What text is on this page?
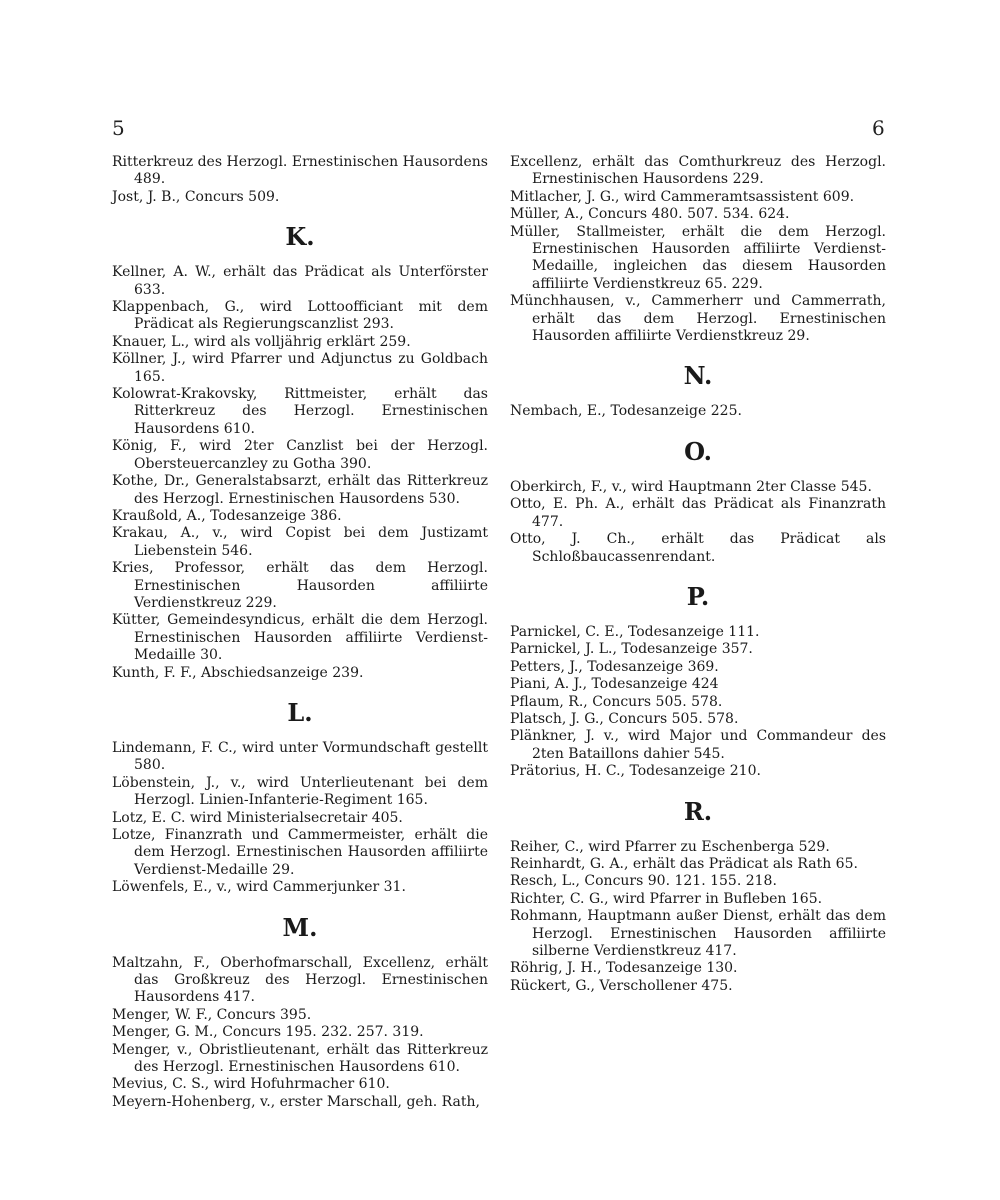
5	6
Ritterkreuz des Herzogl. Ernestinischen Hausordens 489.
Jost, J. B., Concurs 509.
K.
Kellner, A. W., erhält das Prädicat als Unterförster 633.
Klappenbach, G., wird Lottoofficiant mit dem Prädicat als Regierungscanzlist 293.
Knauer, L., wird als volljährig erklärt 259.
Köllner, J., wird Pfarrer und Adjunctus zu Goldbach 165.
Kolowrat-Krakovsky, Rittmeister, erhält das Ritterkreuz des Herzogl. Ernestinischen Hausordens 610.
König, F., wird 2ter Canzlist bei der Herzogl. Obersteuercanzley zu Gotha 390.
Kothe, Dr., Generalstabsarzt, erhält das Ritterkreuz des Herzogl. Ernestinischen Hausordens 530.
Kraußold, A., Todesanzeige 386.
Krakau, A., v., wird Copist bei dem Justizamt Liebenstein 546.
Kries, Professor, erhält das dem Herzogl. Ernestinischen Hausorden affiliirte Verdienstkreuz 229.
Kütter, Gemeindesyndicus, erhält die dem Herzogl. Ernestinischen Hausorden affiliirte Verdienst-Medaille 30.
Kunth, F. F., Abschiedsanzeige 239.
L.
Lindemann, F. C., wird unter Vormundschaft gestellt 580.
Löbenstein, J., v., wird Unterlieutenant bei dem Herzogl. Linien-Infanterie-Regiment 165.
Lotz, E. C. wird Ministerialsecretair 405.
Lotze, Finanzrath und Cammermeister, erhält die dem Herzogl. Ernestinischen Hausorden affiliirte Verdienst-Medaille 29.
Löwenfels, E., v., wird Cammerjunker 31.
M.
Maltzahn, F., Oberhofmarschall, Excellenz, erhält das Großkreuz des Herzogl. Ernestinischen Hausordens 417.
Menger, W. F., Concurs 395.
Menger, G. M., Concurs 195. 232. 257. 319.
Menger, v., Obristlieutenant, erhält das Ritterkreuz des Herzogl. Ernestinischen Hausordens 610.
Mevius, C. S., wird Hofuhrmacher 610.
Meyern-Hohenberg, v., erster Marschall, geh. Rath,
Excellenz, erhält das Comthurkreuz des Herzogl. Ernestinischen Hausordens 229.
Mitlacher, J. G., wird Cammeramtsassistent 609.
Müller, A., Concurs 480. 507. 534. 624.
Müller, Stallmeister, erhält die dem Herzogl. Ernestinischen Hausorden affiliirte Verdienst-Medaille, ingleichen das diesem Hausorden affiliirte Verdienstkreuz 65. 229.
Münchhausen, v., Cammerherr und Cammerrath, erhält das dem Herzogl. Ernestinischen Hausorden affiliirte Verdienstkreuz 29.
N.
Nembach, E., Todesanzeige 225.
O.
Oberkirch, F., v., wird Hauptmann 2ter Classe 545.
Otto, E. Ph. A., erhält das Prädicat als Finanzrath 477.
Otto, J. Ch., erhält das Prädicat als Schloßbaucassenrendant.
P.
Parnickel, C. E., Todesanzeige 111.
Parnickel, J. L., Todesanzeige 357.
Petters, J., Todesanzeige 369.
Piani, A. J., Todesanzeige 424
Pflaum, R., Concurs 505. 578.
Platsch, J. G., Concurs 505. 578.
Plänkner, J. v., wird Major und Commandeur des 2ten Bataillons dahier 545.
Prätorius, H. C., Todesanzeige 210.
R.
Reiher, C., wird Pfarrer zu Eschenberga 529.
Reinhardt, G. A., erhält das Prädicat als Rath 65.
Resch, L., Concurs 90. 121. 155. 218.
Richter, C. G., wird Pfarrer in Bufleben 165.
Rohmann, Hauptmann außer Dienst, erhält das dem Herzogl. Ernestinischen Hausorden affiliirte silberne Verdienstkreuz 417.
Röhrig, J. H., Todesanzeige 130.
Rückert, G., Verschollener 475.
